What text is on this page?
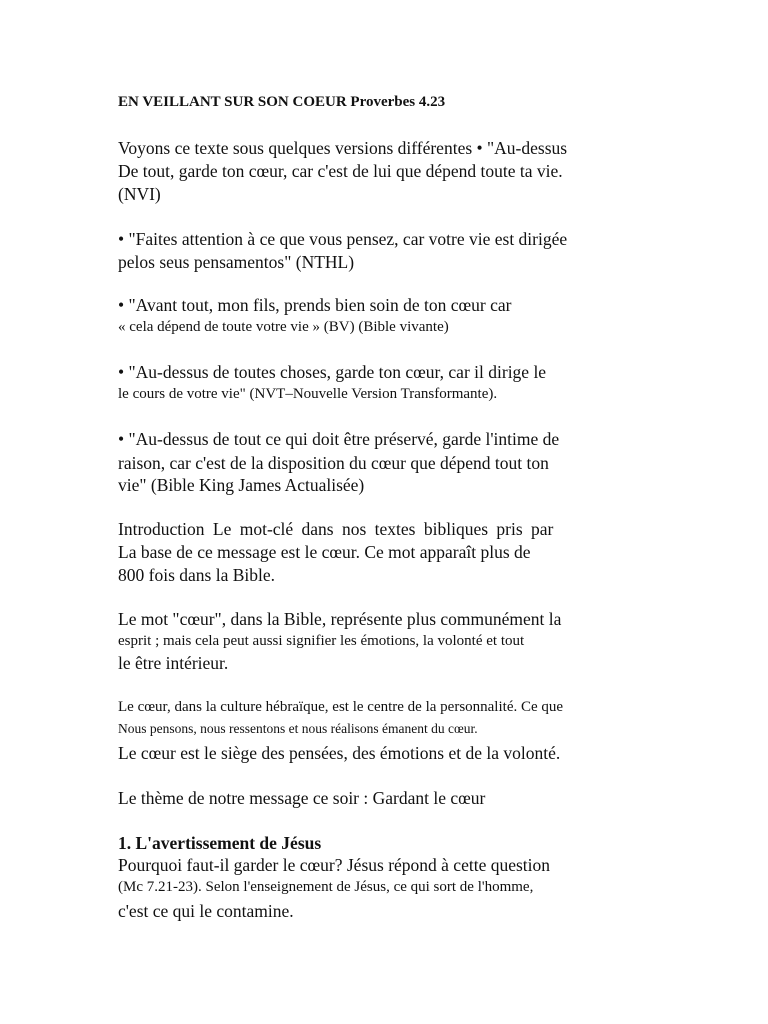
EN VEILLANT SUR SON COEUR Proverbes 4.23
Voyons ce texte sous quelques versions différentes • "Au-dessus
De tout, garde ton cœur, car c'est de lui que dépend toute ta vie.
(NVI)
• "Faites attention à ce que vous pensez, car votre vie est dirigée
pelos seus pensamentos" (NTHL)
• "Avant tout, mon fils, prends bien soin de ton cœur car
« cela dépend de toute votre vie » (BV) (Bible vivante)
• "Au-dessus de toutes choses, garde ton cœur, car il dirige le
le cours de votre vie" (NVT–Nouvelle Version Transformante).
• "Au-dessus de tout ce qui doit être préservé, garde l'intime de
raison, car c'est de la disposition du cœur que dépend tout ton
vie" (Bible King James Actualisée)
Introduction Le mot-clé dans nos textes bibliques pris par
La base de ce message est le cœur. Ce mot apparaît plus de
800 fois dans la Bible.
Le mot "cœur", dans la Bible, représente plus communément la
esprit ; mais cela peut aussi signifier les émotions, la volonté et tout
le être intérieur.
Le cœur, dans la culture hébraïque, est le centre de la personnalité. Ce que
Nous pensons, nous ressentons et nous réalisons émanent du cœur.
Le cœur est le siège des pensées, des émotions et de la volonté.
Le thème de notre message ce soir : Gardant le cœur
1. L'avertissement de Jésus
Pourquoi faut-il garder le cœur? Jésus répond à cette question
(Mc 7.21-23). Selon l'enseignement de Jésus, ce qui sort de l'homme,
c'est ce qui le contamine.
